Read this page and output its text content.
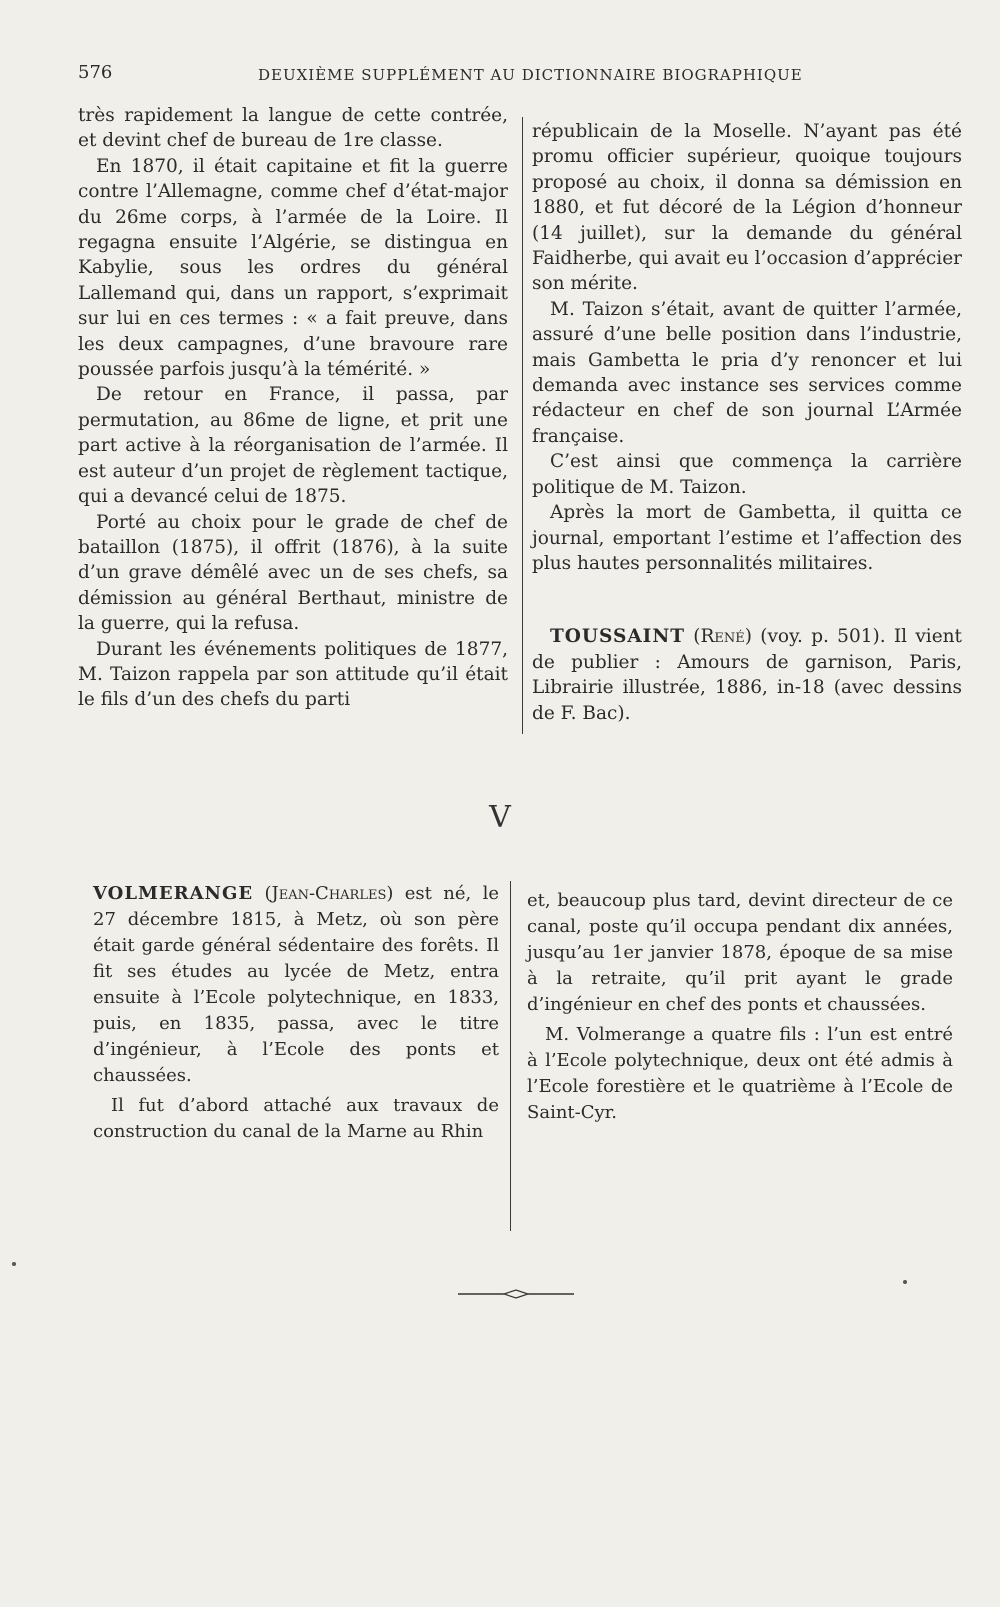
576	DEUXIÈME SUPPLÉMENT AU DICTIONNAIRE BIOGRAPHIQUE

très rapidement la langue de cette contrée, et devint chef de bureau de 1re classe.

En 1870, il était capitaine et fit la guerre contre l’Allemagne, comme chef d’état-major du 26me corps, à l’armée de la Loire. Il regagna ensuite l’Algérie, se distingua en Kabylie, sous les ordres du général Lallemand qui, dans un rapport, s’exprimait sur lui en ces termes : « a fait preuve, dans les deux campagnes, d’une bravoure rare poussée parfois jusqu’à la témérité. »

De retour en France, il passa, par permutation, au 86me de ligne, et prit une part active à la réorganisation de l’armée. Il est auteur d’un projet de règlement tactique, qui a devancé celui de 1875.

Porté au choix pour le grade de chef de bataillon (1875), il offrit (1876), à la suite d’un grave démêlé avec un de ses chefs, sa démission au général Berthaut, ministre de la guerre, qui la refusa.

Durant les événements politiques de 1877, M. Taizon rappela par son attitude qu’il était le fils d’un des chefs du parti

républicain de la Moselle. N’ayant pas été promu officier supérieur, quoique toujours proposé au choix, il donna sa démission en 1880, et fut décoré de la Légion d’honneur (14 juillet), sur la demande du général Faidherbe, qui avait eu l’occasion d’apprécier son mérite.

M. Taizon s’était, avant de quitter l’armée, assuré d’une belle position dans l’industrie, mais Gambetta le pria d’y renoncer et lui demanda avec instance ses services comme rédacteur en chef de son journal L’Armée française.

C’est ainsi que commença la carrière politique de M. Taizon.

Après la mort de Gambetta, il quitta ce journal, emportant l’estime et l’affection des plus hautes personnalités militaires.

TOUSSAINT (René) (voy. p. 501). Il vient de publier : Amours de garnison, Paris, Librairie illustrée, 1886, in-18 (avec dessins de F. Bac).

V

VOLMERANGE (Jean-Charles) est né, le 27 décembre 1815, à Metz, où son père était garde général sédentaire des forêts. Il fit ses études au lycée de Metz, entra ensuite à l’Ecole polytechnique, en 1833, puis, en 1835, passa, avec le titre d’ingénieur, à l’Ecole des ponts et chaussées.

Il fut d’abord attaché aux travaux de construction du canal de la Marne au Rhin

et, beaucoup plus tard, devint directeur de ce canal, poste qu’il occupa pendant dix années, jusqu’au 1er janvier 1878, époque de sa mise à la retraite, qu’il prit ayant le grade d’ingénieur en chef des ponts et chaussées.

M. Volmerange a quatre fils : l’un est entré à l’Ecole polytechnique, deux ont été admis à l’Ecole forestière et le quatrième à l’Ecole de Saint-Cyr.
